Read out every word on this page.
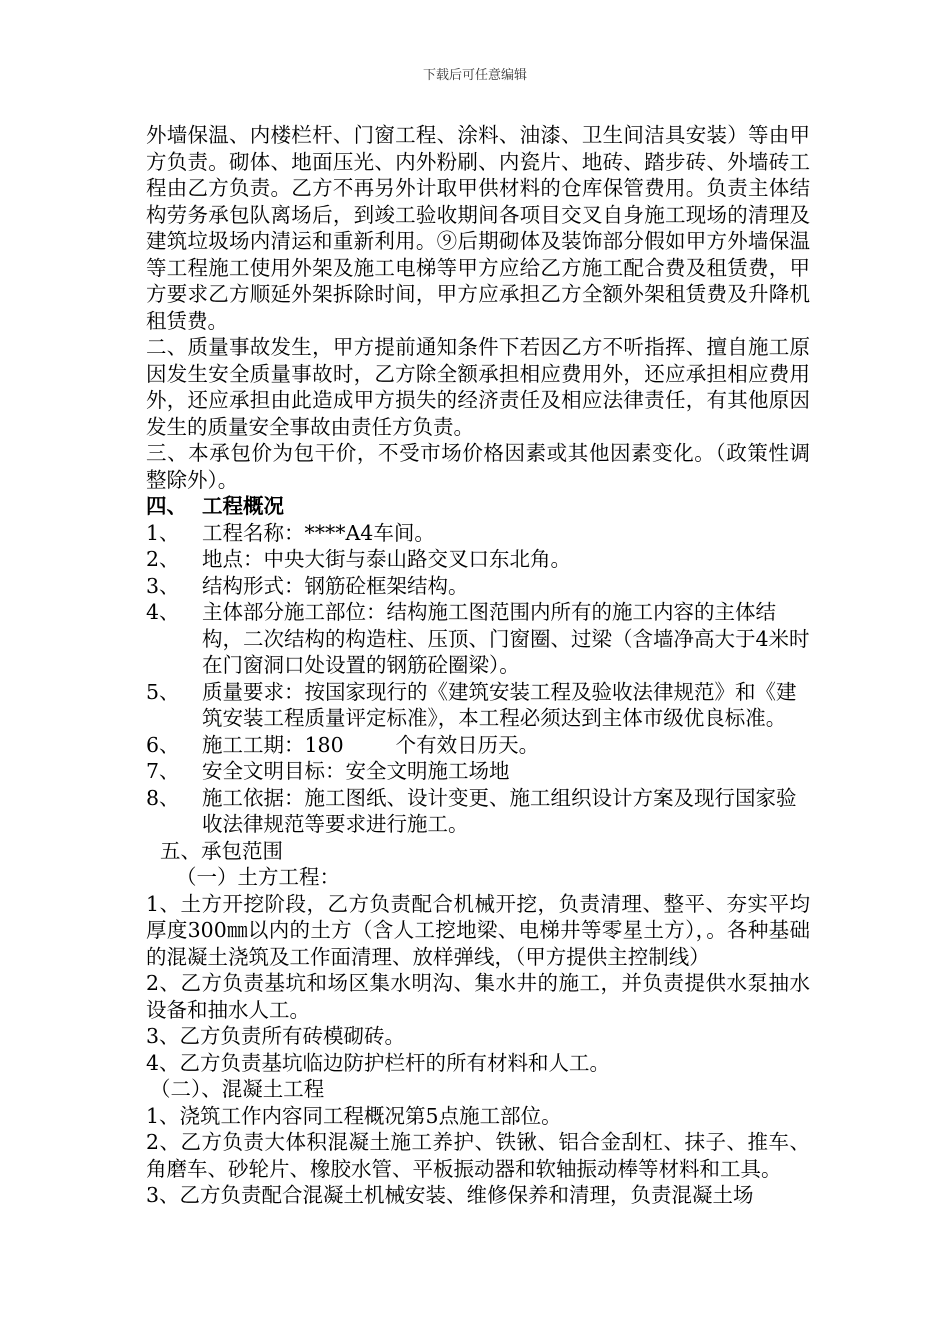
下载后可任意编辑

外墙保温、内楼栏杆、门窗工程、涂料、油漆、卫生间洁具安装）等由甲方负责。砌体、地面压光、内外粉刷、内瓷片、地砖、踏步砖、外墙砖工程由乙方负责。乙方不再另外计取甲供材料的仓库保管费用。负责主体结构劳务承包队离场后，到竣工验收期间各项目交叉自身施工现场的清理及建筑垃圾场内清运和重新利用。⑨后期砌体及装饰部分假如甲方外墙保温等工程施工使用外架及施工电梯等甲方应给乙方施工配合费及租赁费，甲方要求乙方顺延外架拆除时间，甲方应承担乙方全额外架租赁费及升降机租赁费。

二、质量事故发生，甲方提前通知条件下若因乙方不听指挥、擅自施工原因发生安全质量事故时，乙方除全额承担相应费用外，还应承担相应费用外，还应承担由此造成甲方损失的经济责任及相应法律责任，有其他原因发生的质量安全事故由责任方负责。

三、本承包价为包干价，不受市场价格因素或其他因素变化。（政策性调整除外）。

四、 工程概况

1、	工程名称：****A4车间。
2、	地点：中央大街与泰山路交叉口东北角。
3、	结构形式：钢筋砼框架结构。
4、	主体部分施工部位：结构施工图范围内所有的施工内容的主体结构，二次结构的构造柱、压顶、门窗圈、过梁（含墙净高大于4米时在门窗洞口处设置的钢筋砼圈梁）。
5、	质量要求：按国家现行的《建筑安装工程及验收法律规范》和《建筑安装工程质量评定标准》，本工程必须达到主体市级优良标准。
6、	施工工期：180	个有效日历天。
7、	安全文明目标：安全文明施工场地
8、	施工依据：施工图纸、设计变更、施工组织设计方案及现行国家验收法律规范等要求进行施工。

五、承包范围

（一）土方工程：

1、土方开挖阶段，乙方负责配合机械开挖，负责清理、整平、夯实平均厚度300㎜以内的土方（含人工挖地梁、电梯井等零星土方），。各种基础的混凝土浇筑及工作面清理、放样弹线，（甲方提供主控制线）

2、乙方负责基坑和场区集水明沟、集水井的施工，并负责提供水泵抽水设备和抽水人工。

3、乙方负责所有砖模砌砖。

4、乙方负责基坑临边防护栏杆的所有材料和人工。

（二）、混凝土工程

1、浇筑工作内容同工程概况第5点施工部位。

2、乙方负责大体积混凝土施工养护、铁锹、铝合金刮杠、抹子、推车、角磨车、砂轮片、橡胶水管、平板振动器和软轴振动棒等材料和工具。

3、乙方负责配合混凝土机械安装、维修保养和清理，负责混凝土场
